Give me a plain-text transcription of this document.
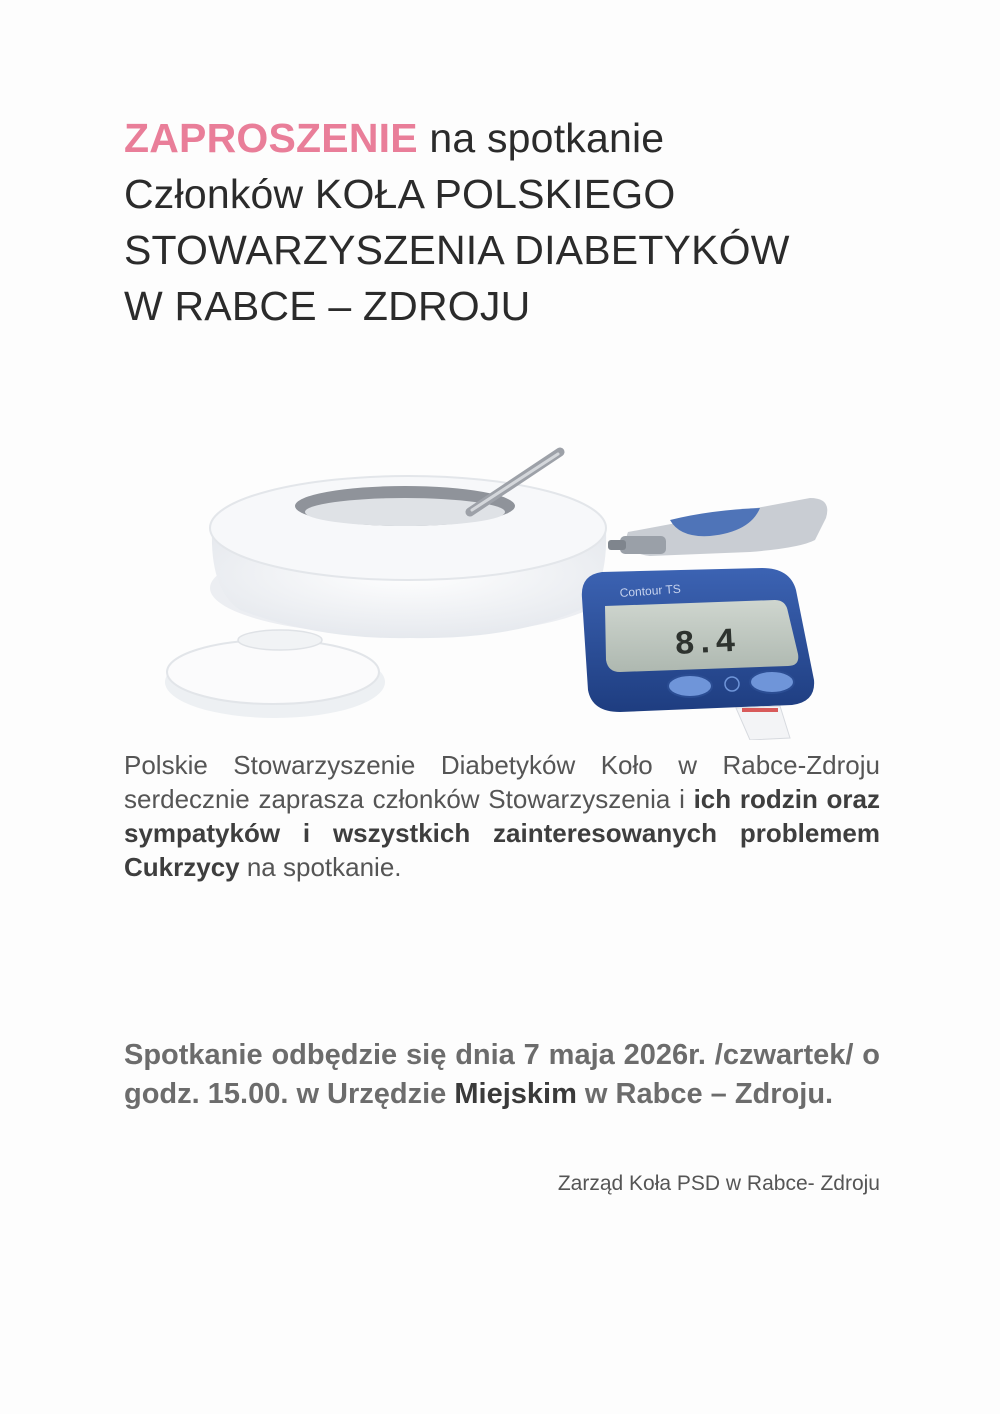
ZAPROSZENIE na spotkanie
Członków KOŁA POLSKIEGO
STOWARZYSZENIA DIABETYKÓW
W RABCE – ZDROJU
Contour TS
8.4
Polskie Stowarzyszenie Diabetyków Koło w Rabce-Zdroju serdecznie zaprasza członków Stowarzyszenia i ich rodzin oraz sympatyków i wszystkich zainteresowanych problemem Cukrzycy na spotkanie.
Spotkanie odbędzie się dnia 7 maja 2026r. /czwartek/ o godz. 15.00. w Urzędzie Miejskim w Rabce – Zdroju.
Zarząd Koła PSD w Rabce- Zdroju
